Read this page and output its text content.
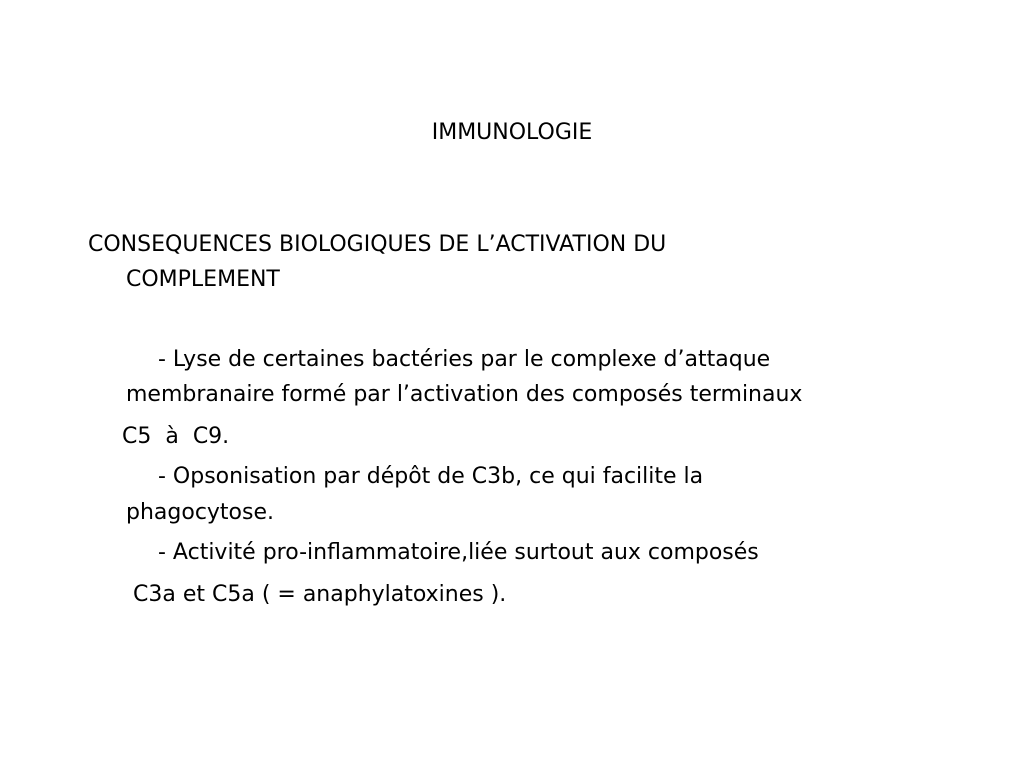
IMMUNOLOGIE
CONSEQUENCES BIOLOGIQUES DE L’ACTIVATION DU
COMPLEMENT
- Lyse de certaines bactéries par le complexe d’attaque
membranaire formé par l’activation des composés terminaux
C5  à  C9.
- Opsonisation par dépôt de C3b, ce qui facilite la
phagocytose.
- Activité pro-inflammatoire,liée surtout aux composés
C3a et C5a ( = anaphylatoxines ).
